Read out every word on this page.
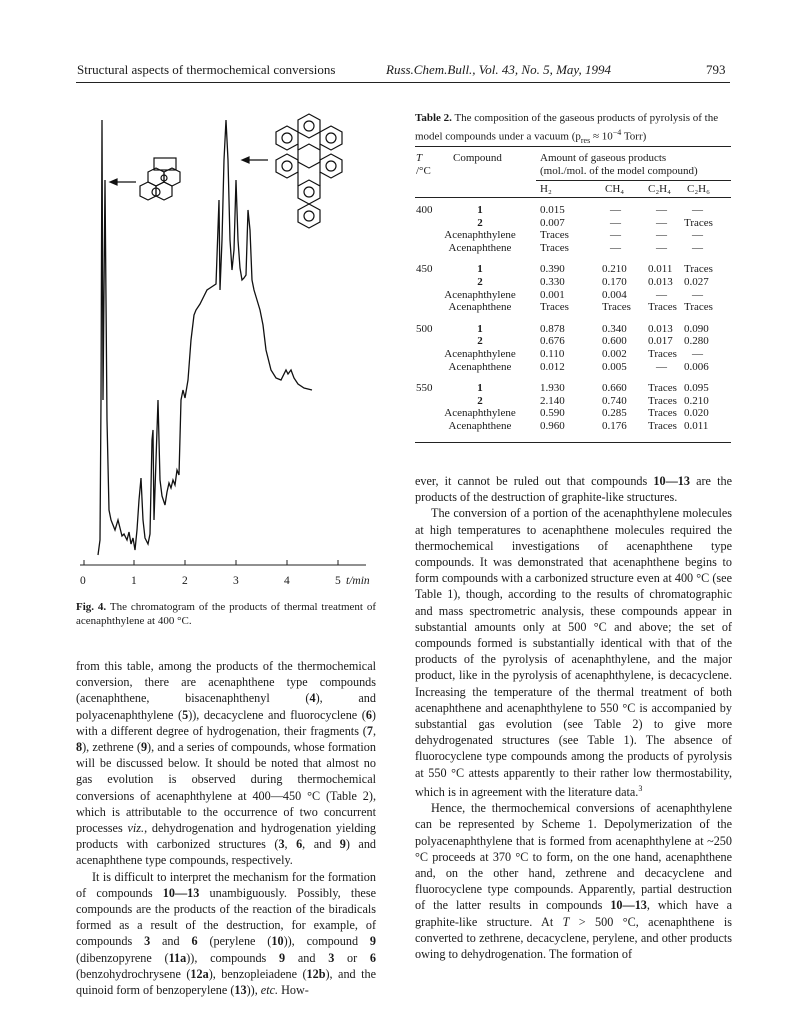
Structural aspects of thermochemical conversions	Russ.Chem.Bull., Vol. 43, No. 5, May, 1994	793
0	1	2	3	4	5 t/min
Fig. 4. The chromatogram of the products of thermal treatment of acenaphthylene at 400 °C.
Table 2. The composition of the gaseous products of pyrolysis of the model compounds under a vacuum ($p_{res} \approx 10^{-4}$ Torr)
T
/°C
Compound	Amount of gaseous products
(mol./mol. of the model compound)
H₂	CH₄ C₂H₄ C₂H₆
400	1	0.015	—	— —
2	0.007	—	— Traces
Acenaphthylene	Traces	—	— —
Acenaphthene	Traces	—	— —
450	1	0.390	0.210 0.011 Traces
2	0.330	0.170 0.013 0.027
Acenaphthylene	0.001	0.004	— —
Acenaphthene	Traces	Traces Traces Traces
500	1	0.878	0.340 0.013 0.090
2	0.676	0.600 0.017 0.280
Acenaphthylene	0.110	0.002 Traces —
Acenaphthene	0.012	0.005	— 0.006
550	1	1.930	0.660 Traces 0.095
2	2.140	0.740 Traces 0.210
Acenaphthylene	0.590	0.285 Traces 0.020
Acenaphthene	0.960	0.176 Traces 0.011

from this table, among the products of the thermochemical conversion, there are acenaphthene type compounds (acenaphthene, bisacenaphthenyl (4), and polyacenaphthylene (5)), decacyclene and fluorocyclene (6) with a different degree of hydrogenation, their fragments (7, 8), zethrene (9), and a series of compounds, whose formation will be discussed below. It should be noted that almost no gas evolution is observed during thermochemical conversions of acenaphthylene at 400—450 °C (Table 2), which is attributable to the occurrence of two concurrent processes viz., dehydrogenation and hydrogenation yielding products with carbonized structures (3, 6, and 9) and acenaphthene type compounds, respectively.

It is difficult to interpret the mechanism for the formation of compounds 10—13 unambiguously. Possibly, these compounds are the products of the reaction of the biradicals formed as a result of the destruction, for example, of compounds 3 and 6 (perylene (10)), compound 9 (dibenzopyrene (11a)), compounds 9 and 3 or 6 (benzohydrochrysene (12a), benzopleiadene (12b), and the quinoid form of benzoperylene (13)), etc. How-

ever, it cannot be ruled out that compounds 10—13 are the products of the destruction of graphite-like structures.

The conversion of a portion of the acenaphthylene molecules at high temperatures to acenaphthene molecules required the thermochemical investigations of acenaphthene type compounds. It was demonstrated that acenaphthene begins to form compounds with a carbonized structure even at 400 °C (see Table 1), though, according to the results of chromatographic and mass spectrometric analysis, these compounds appear in substantial amounts only at 500 °C and above; the set of compounds formed is substantially identical with that of the products of the pyrolysis of acenaphthylene, and the major product, like in the pyrolysis of acenaphthylene, is decacyclene. Increasing the temperature of the thermal treatment of both acenaphthene and acenaphthylene to 550 °C is accompanied by substantial gas evolution (see Table 2) to give more dehydrogenated structures (see Table 1). The absence of fluorocyclene type compounds among the products of pyrolysis at 550 °C attests apparently to their rather low thermostability, which is in agreement with the literature data.$^3$

Hence, the thermochemical conversions of acenaphthylene can be represented by Scheme 1. Depolymerization of the polyacenaphthylene that is formed from acenaphthylene at ~250 °C proceeds at 370 °C to form, on the one hand, acenaphthene and, on the other hand, zethrene and decacyclene and fluorocyclene type compounds. Apparently, partial destruction of the latter results in compounds 10—13, which have a graphite-like structure. At T > 500 °C, acenaphthene is converted to zethrene, decacyclene, perylene, and other products owing to dehydrogenation. The formation of
